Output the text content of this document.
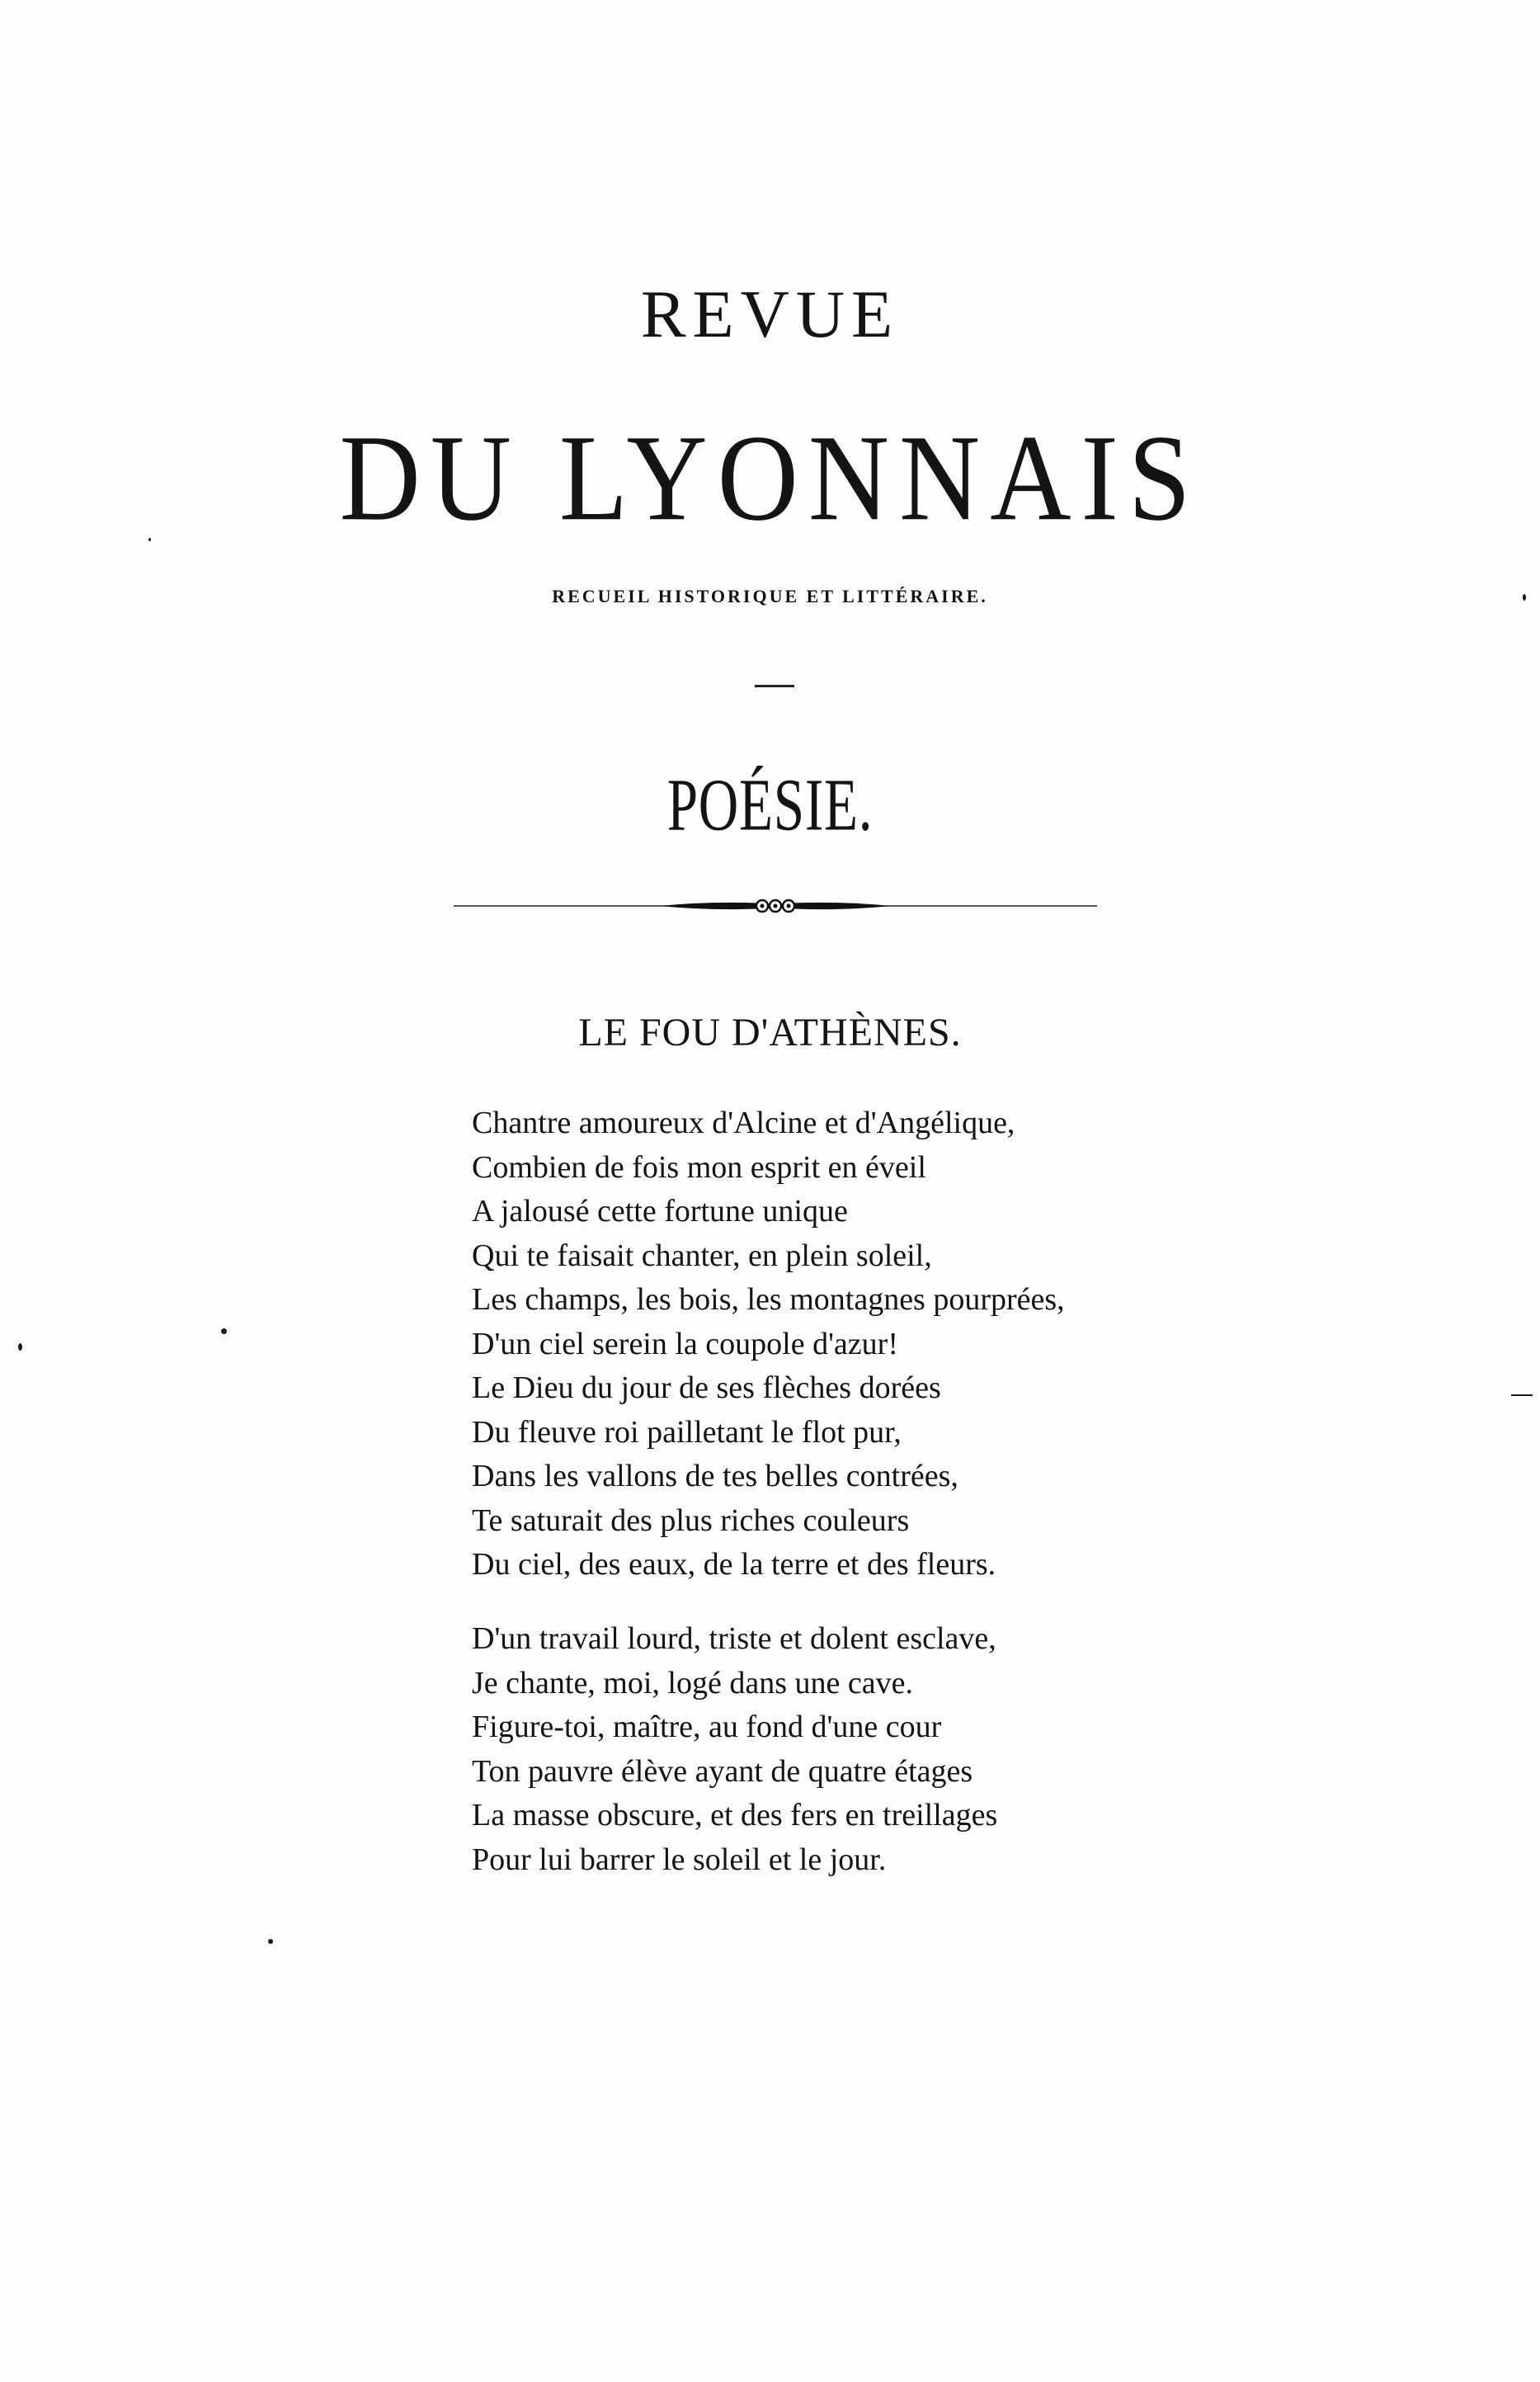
REVUE
DU LYONNAIS
RECUEIL HISTORIQUE ET LITTÉRAIRE.
POÉSIE.
LE FOU D'ATHÈNES.
Chantre amoureux d'Alcine et d'Angélique,
Combien de fois mon esprit en éveil
A jalousé cette fortune unique
Qui te faisait chanter, en plein soleil,
Les champs, les bois, les montagnes pourprées,
D'un ciel serein la coupole d'azur!
Le Dieu du jour de ses flèches dorées
Du fleuve roi pailletant le flot pur,
Dans les vallons de tes belles contrées,
Te saturait des plus riches couleurs
Du ciel, des eaux, de la terre et des fleurs.
D'un travail lourd, triste et dolent esclave,
Je chante, moi, logé dans une cave.
Figure-toi, maître, au fond d'une cour
Ton pauvre élève ayant de quatre étages
La masse obscure, et des fers en treillages
Pour lui barrer le soleil et le jour.
